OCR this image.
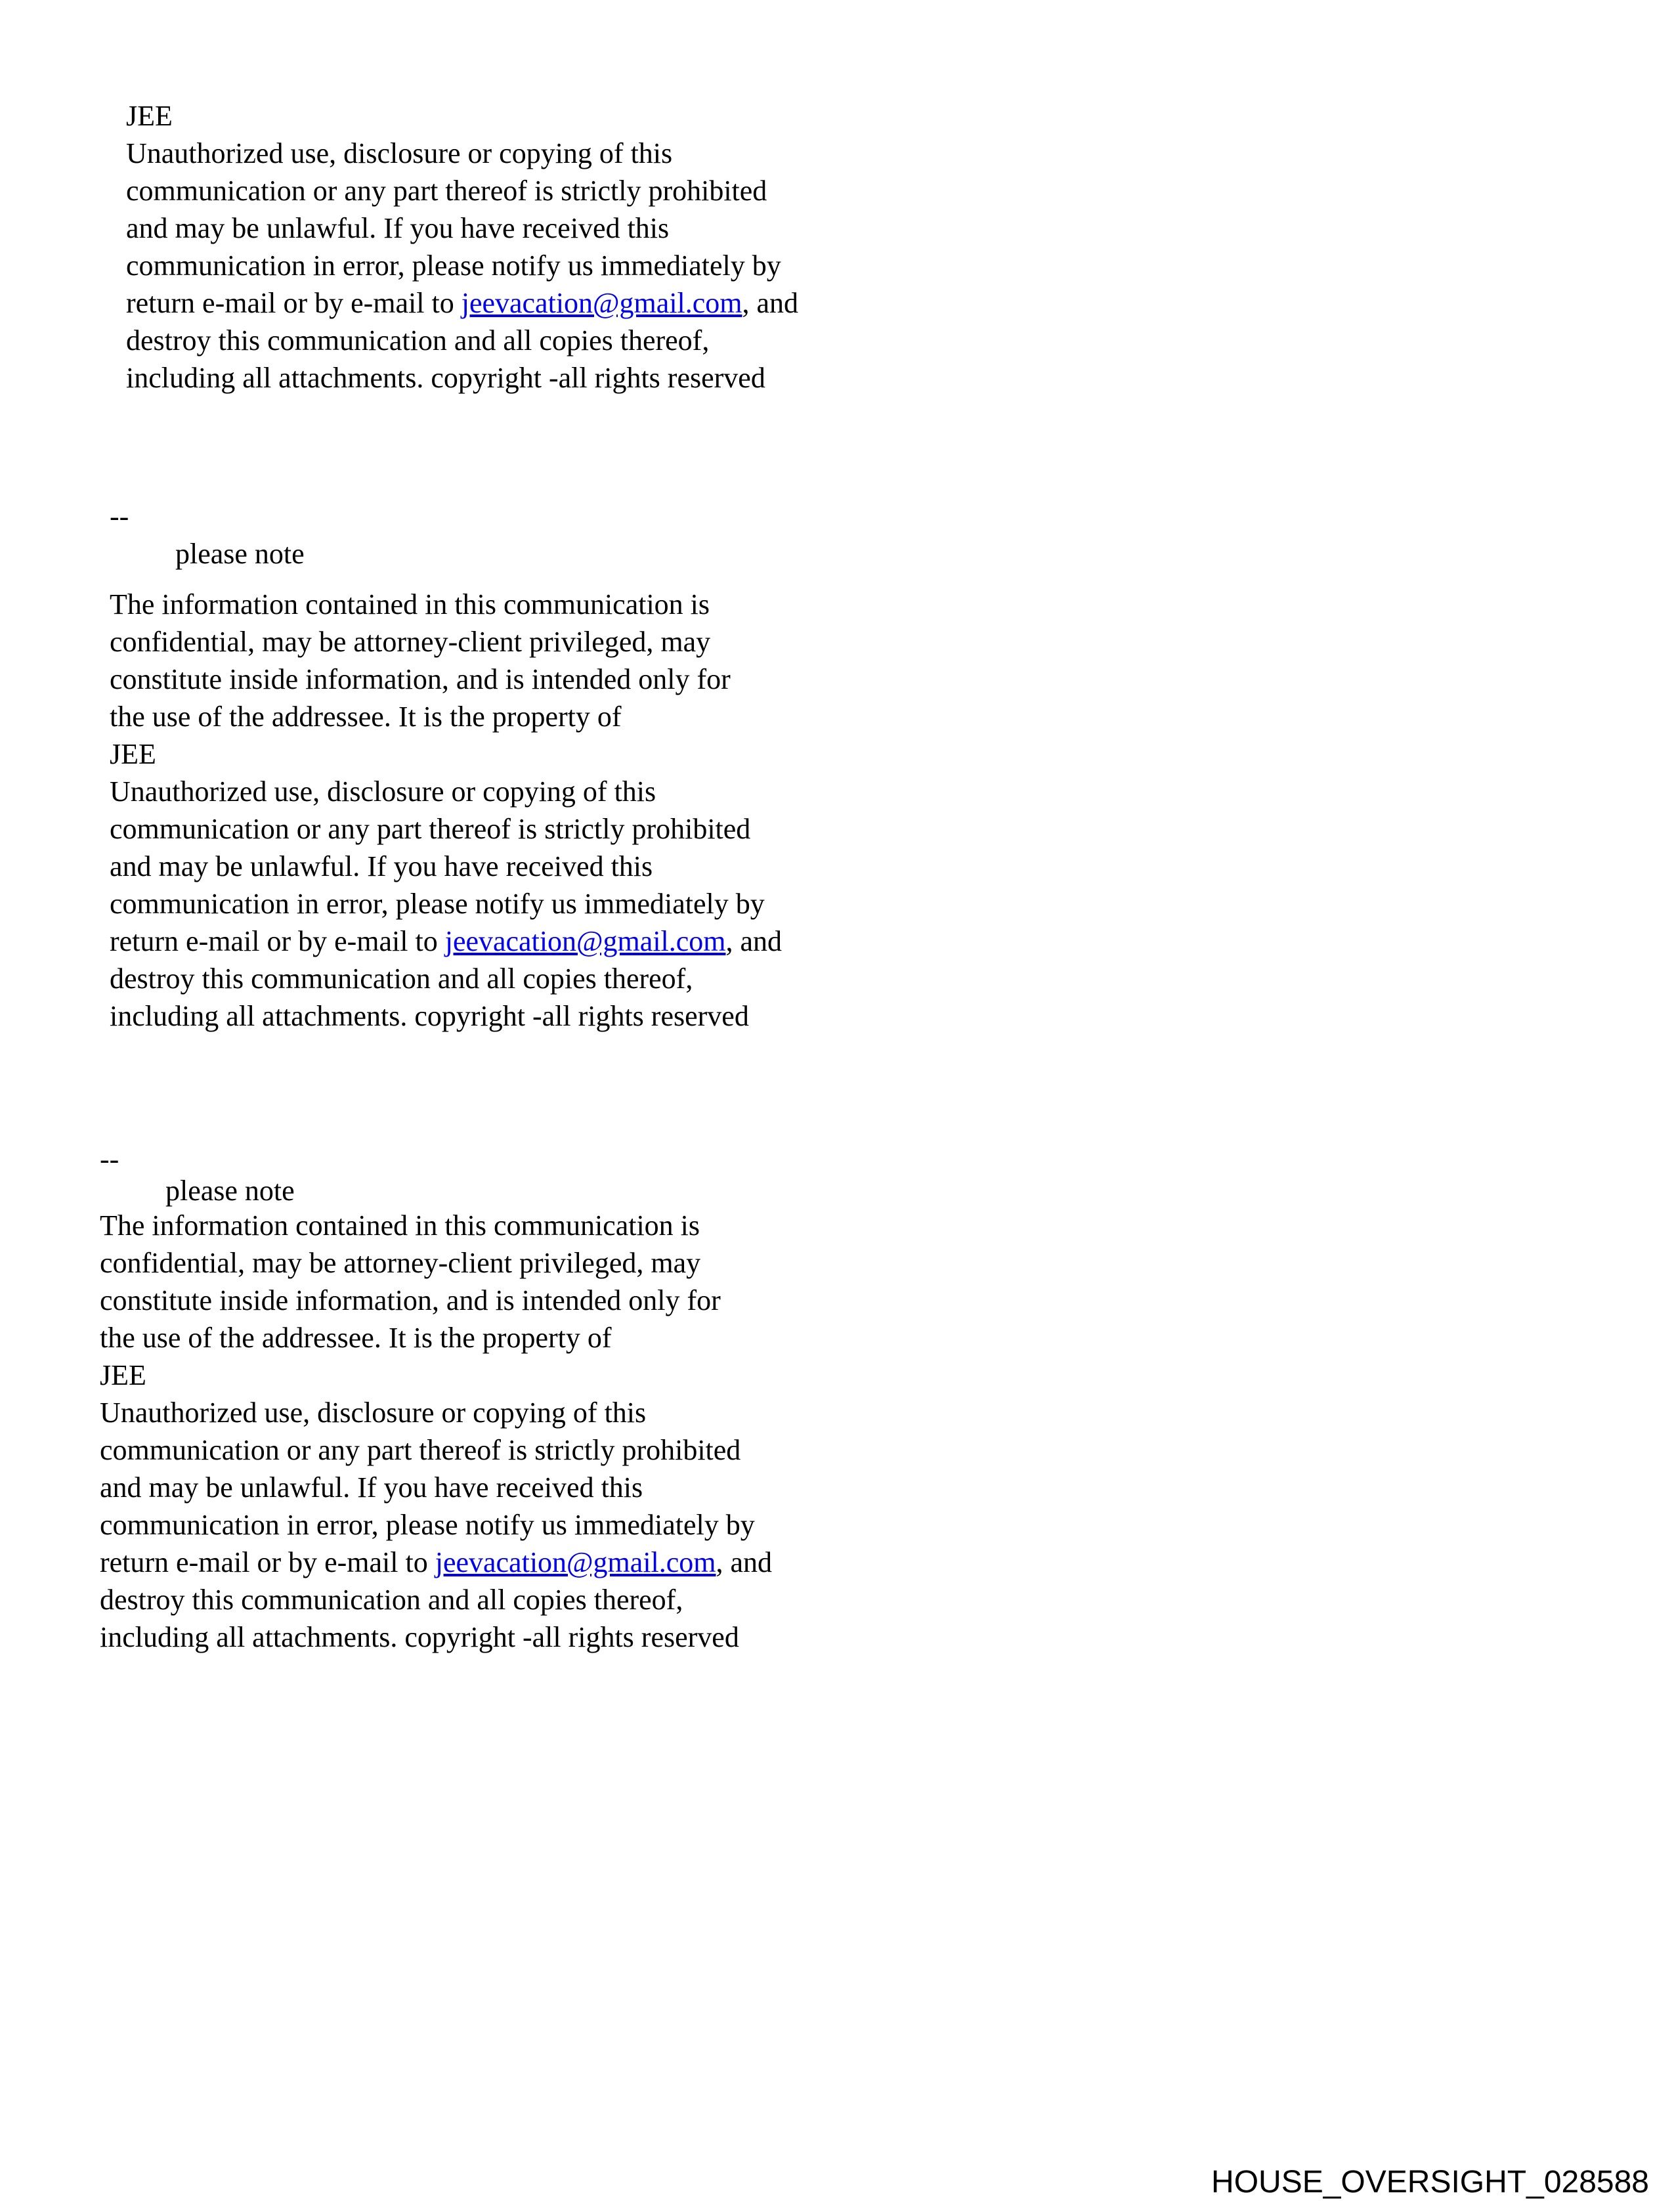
JEE
Unauthorized use, disclosure or copying of this
communication or any part thereof is strictly prohibited
and may be unlawful. If you have received this
communication in error, please notify us immediately by
return e-mail or by e-mail to jeevacation@gmail.com, and
destroy this communication and all copies thereof,
including all attachments. copyright -all rights reserved
--
please note
The information contained in this communication is
confidential, may be attorney-client privileged, may
constitute inside information, and is intended only for
the use of the addressee. It is the property of
JEE
Unauthorized use, disclosure or copying of this
communication or any part thereof is strictly prohibited
and may be unlawful. If you have received this
communication in error, please notify us immediately by
return e-mail or by e-mail to jeevacation@gmail.com, and
destroy this communication and all copies thereof,
including all attachments. copyright -all rights reserved
--
please note
The information contained in this communication is
confidential, may be attorney-client privileged, may
constitute inside information, and is intended only for
the use of the addressee. It is the property of
JEE
Unauthorized use, disclosure or copying of this
communication or any part thereof is strictly prohibited
and may be unlawful. If you have received this
communication in error, please notify us immediately by
return e-mail or by e-mail to jeevacation@gmail.com, and
destroy this communication and all copies thereof,
including all attachments. copyright -all rights reserved
HOUSE_OVERSIGHT_028588
